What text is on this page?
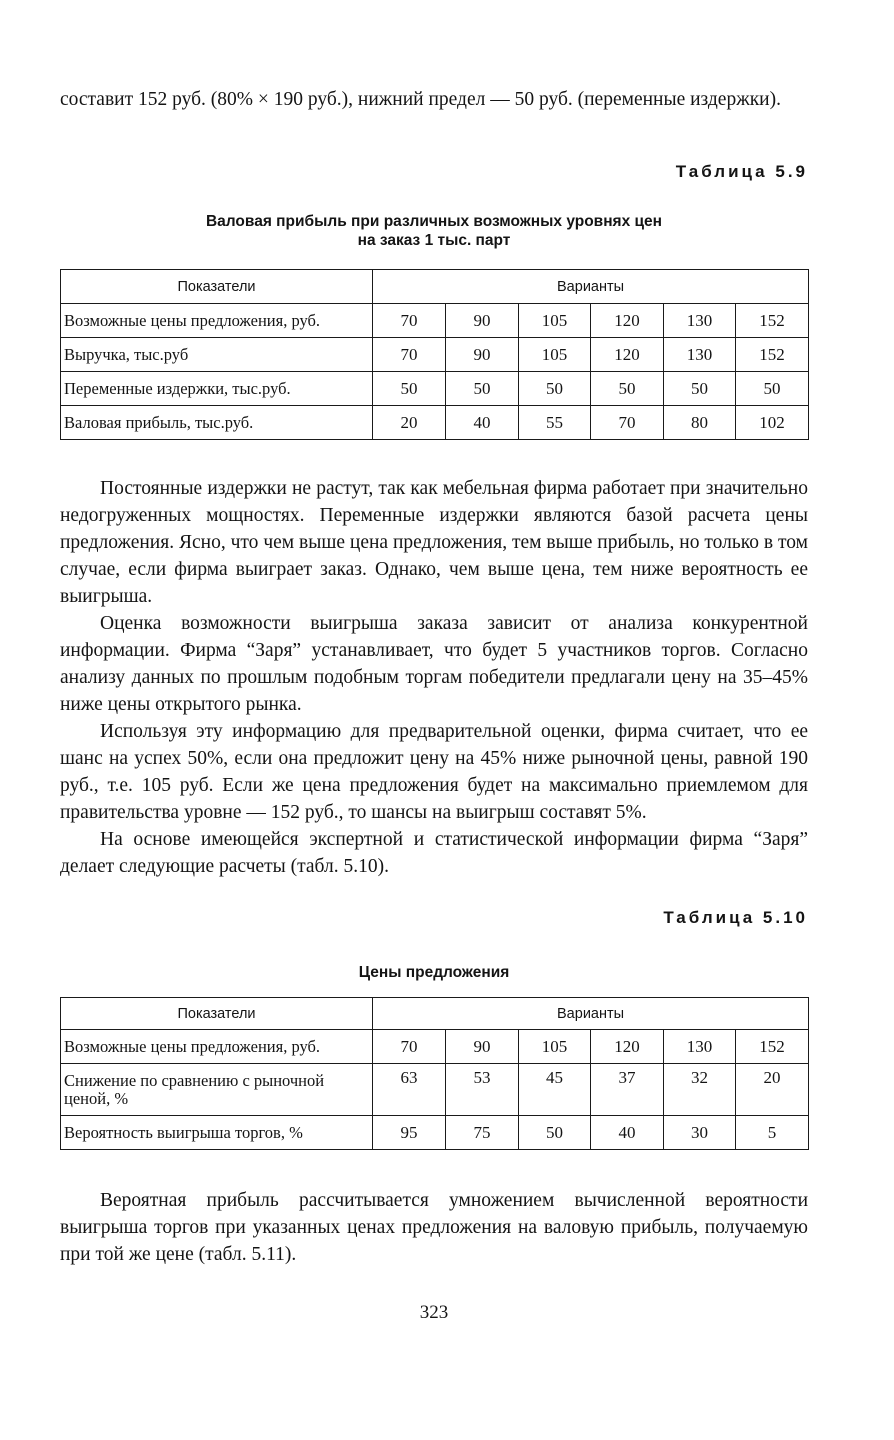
составит 152 руб. (80% × 190 руб.), нижний предел — 50 руб. (переменные издержки).

Таблица 5.9
Валовая прибыль при различных возможных уровнях цен
на заказ 1 тыс. парт
Показатели	Варианты					
Возможные цены предложения, руб.	70	90	105	120	130	152
Выручка, тыс.руб	70	90	105	120	130	152
Переменные издержки, тыс.руб.	50	50	50	50	50	50
Валовая прибыль, тыс.руб.	20	40	55	70	80	102

Постоянные издержки не растут, так как мебельная фирма работает при значительно недогруженных мощностях. Переменные издержки являются базой расчета цены предложения. Ясно, что чем выше цена предложения, тем выше прибыль, но только в том случае, если фирма выиграет заказ. Однако, чем выше цена, тем ниже вероятность ее выигрыша.

Оценка возможности выигрыша заказа зависит от анализа конкурентной информации. Фирма “Заря” устанавливает, что будет 5 участников торгов. Согласно анализу данных по прошлым подобным торгам победители предлагали цену на 35–45% ниже цены открытого рынка.

Используя эту информацию для предварительной оценки, фирма считает, что ее шанс на успех 50%, если она предложит цену на 45% ниже рыночной цены, равной 190 руб., т.е. 105 руб. Если же цена предложения будет на максимально приемлемом для правительства уровне — 152 руб., то шансы на выигрыш составят 5%.

На основе имеющейся экспертной и статистической информации фирма “Заря” делает следующие расчеты (табл. 5.10).

Таблица 5.10
Цены предложения
Показатели	Варианты					
Возможные цены предложения, руб.	70	90	105	120	130	152
Снижение по сравнению с рыночной ценой, %	63	53	45	37	32	20
Вероятность выигрыша торгов, %	95	75	50	40	30	5

Вероятная прибыль рассчитывается умножением вычисленной вероятности выигрыша торгов при указанных ценах предложения на валовую прибыль, получаемую при той же цене (табл. 5.11).

323
